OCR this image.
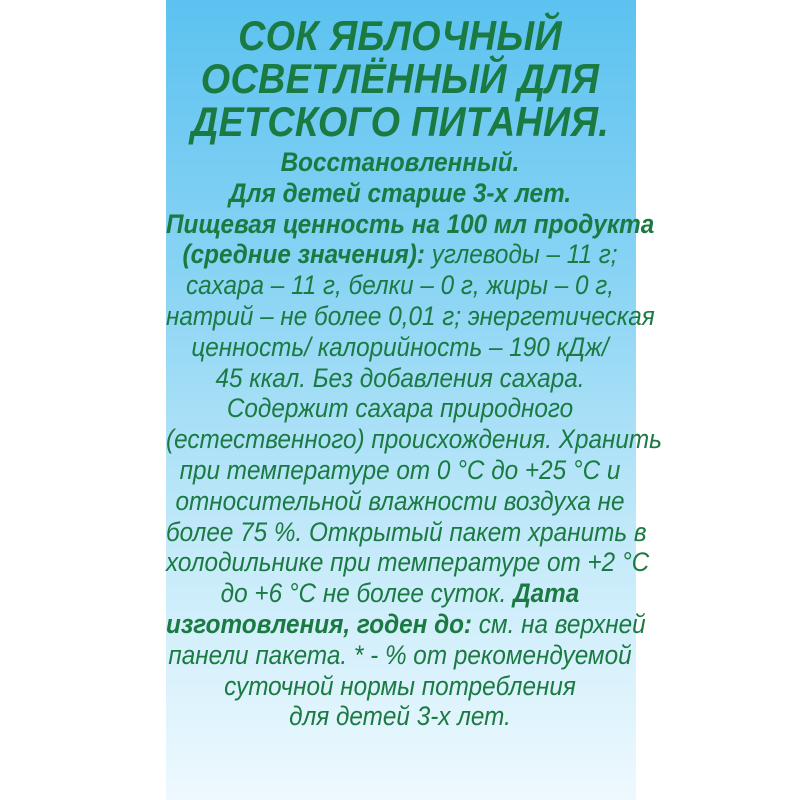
СОК ЯБЛОЧНЫЙ
ОСВЕТЛЁННЫЙ ДЛЯ
ДЕТСКОГО ПИТАНИЯ.
Восстановленный.
Для детей старше 3-х лет.
Пищевая ценность на 100 мл продукта
(средние значения): углеводы – 11 г;
сахара – 11 г, белки – 0 г, жиры – 0 г,
натрий – не более 0,01 г; энергетическая
ценность/ калорийность – 190 кДж/
45 ккал. Без добавления сахара.
Содержит сахара природного
(естественного) происхождения. Хранить
при температуре от 0 °С до +25 °С и
относительной влажности воздуха не
более 75 %. Открытый пакет хранить в
холодильнике при температуре от +2 °С
до +6 °С не более суток. Дата
изготовления, годен до: см. на верхней
панели пакета. * - % от рекомендуемой
суточной нормы потребления
для детей 3-х лет.
